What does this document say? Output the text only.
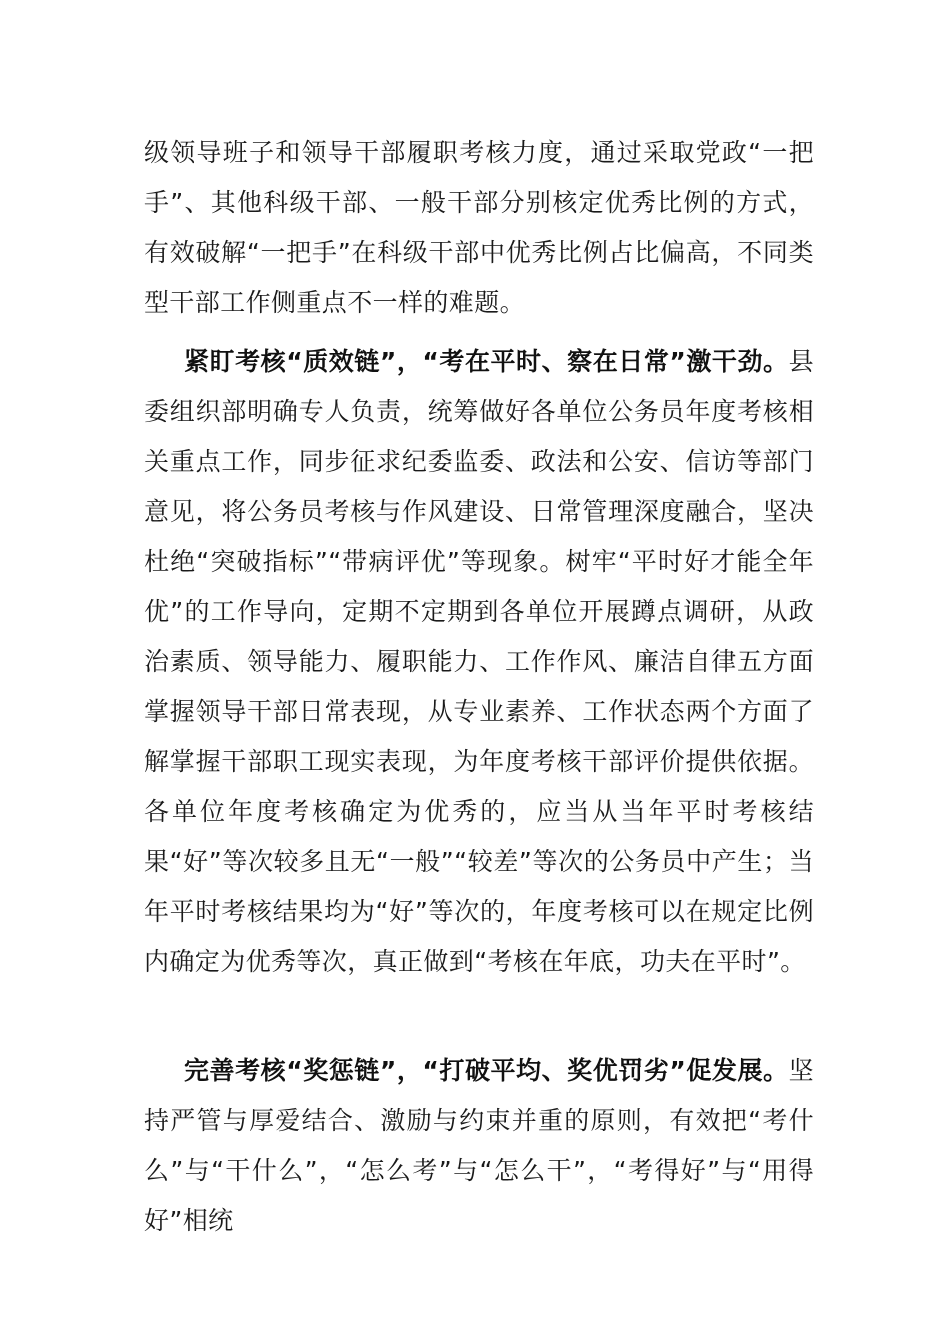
级领导班子和领导干部履职考核力度，通过采取党政“一把手”、其他科级干部、一般干部分别核定优秀比例的方式，有效破解“一把手”在科级干部中优秀比例占比偏高，不同类型干部工作侧重点不一样的难题。

紧盯考核“质效链”，“考在平时、察在日常”激干劲。县委组织部明确专人负责，统筹做好各单位公务员年度考核相关重点工作，同步征求纪委监委、政法和公安、信访等部门意见，将公务员考核与作风建设、日常管理深度融合，坚决杜绝“突破指标”“带病评优”等现象。树牢“平时好才能全年优”的工作导向，定期不定期到各单位开展蹲点调研，从政治素质、领导能力、履职能力、工作作风、廉洁自律五方面掌握领导干部日常表现，从专业素养、工作状态两个方面了解掌握干部职工现实表现，为年度考核干部评价提供依据。各单位年度考核确定为优秀的，应当从当年平时考核结果“好”等次较多且无“一般”“较差”等次的公务员中产生；当年平时考核结果均为“好”等次的，年度考核可以在规定比例内确定为优秀等次，真正做到“考核在年底，功夫在平时”。

完善考核“奖惩链”，“打破平均、奖优罚劣”促发展。坚持严管与厚爱结合、激励与约束并重的原则，有效把“考什么”与“干什么”，“怎么考”与“怎么干”，“考得好”与“用得好”相统
